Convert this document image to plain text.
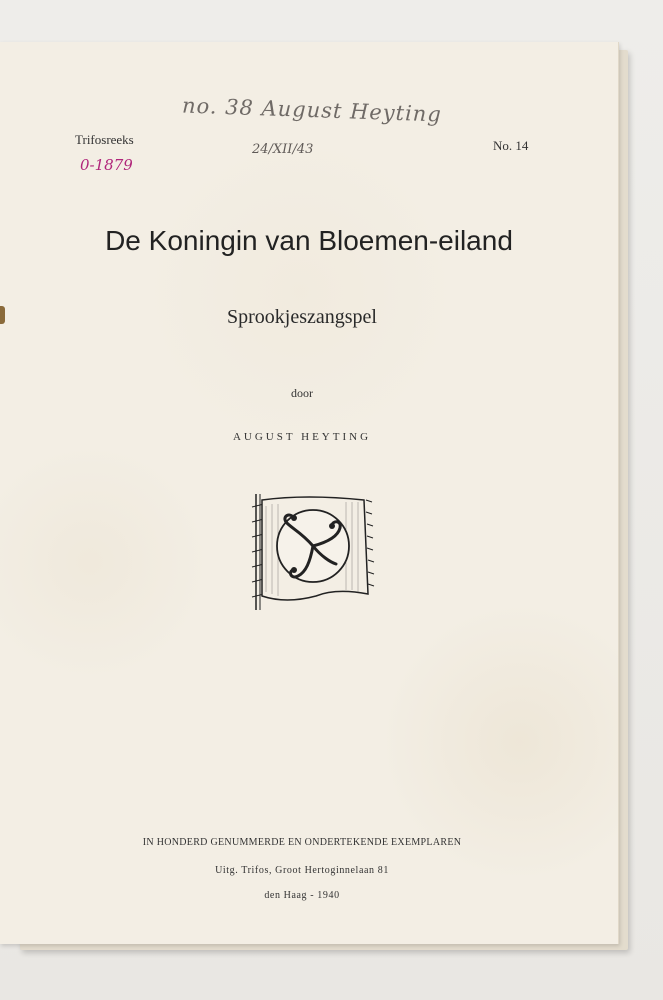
Trifosreeks	No. 14
no. 38 August Heyting
24/XII/43
0-1879
De Koningin van Bloemen-eiland
Sprookjeszangspel
door
AUGUST HEYTING
IN HONDERD GENUMMERDE EN ONDERTEKENDE EXEMPLAREN
Uitg. Trifos, Groot Hertoginnelaan 81
den Haag - 1940
